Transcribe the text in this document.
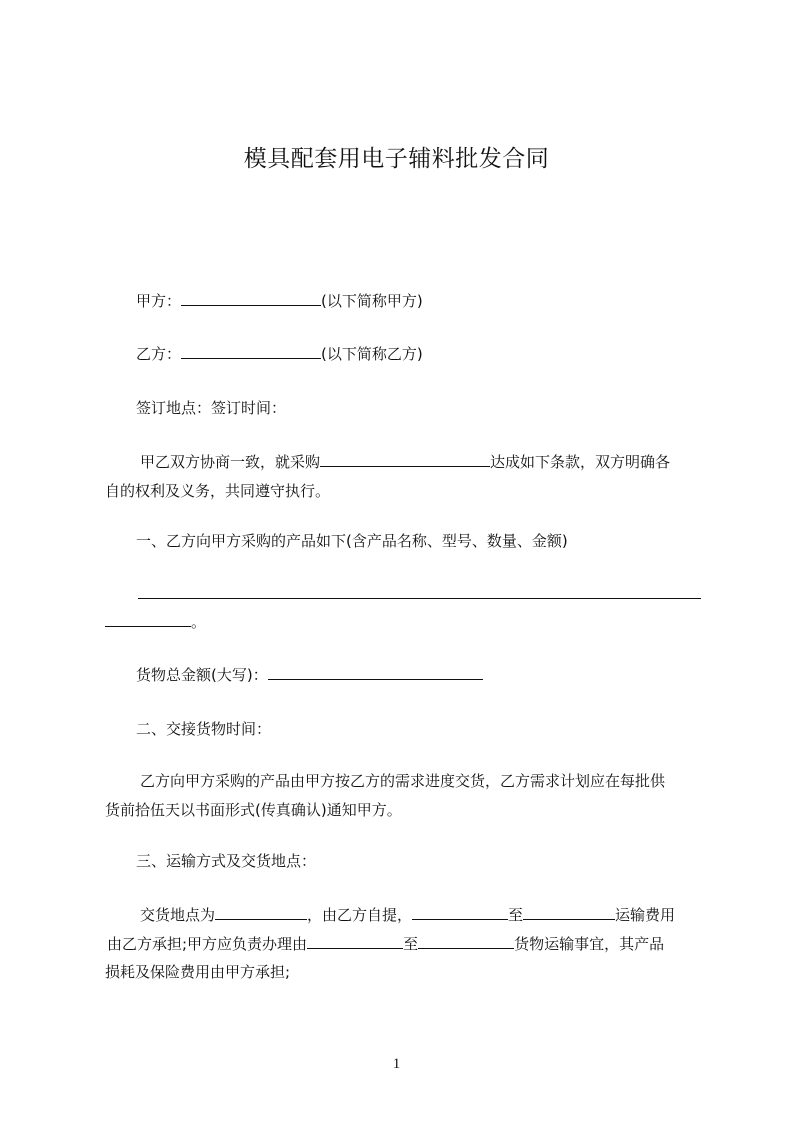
模具配套用电子辅料批发合同
甲方：	(以下简称甲方)
乙方：	(以下简称乙方)
签订地点：签订时间：
甲乙双方协商一致，就采购	达成如下条款，双方明确各
自的权利及义务，共同遵守执行。
一、乙方向甲方采购的产品如下(含产品名称、型号、数量、金额)
。
货物总金额(大写)：
二、交接货物时间：
乙方向甲方采购的产品由甲方按乙方的需求进度交货，乙方需求计划应在每批供
货前拾伍天以书面形式(传真确认)通知甲方。
三、运输方式及交货地点：
交货地点为	，由乙方自提，	至	运输费用
由乙方承担;甲方应负责办理由	至	货物运输事宜，其产品
损耗及保险费用由甲方承担;
1
